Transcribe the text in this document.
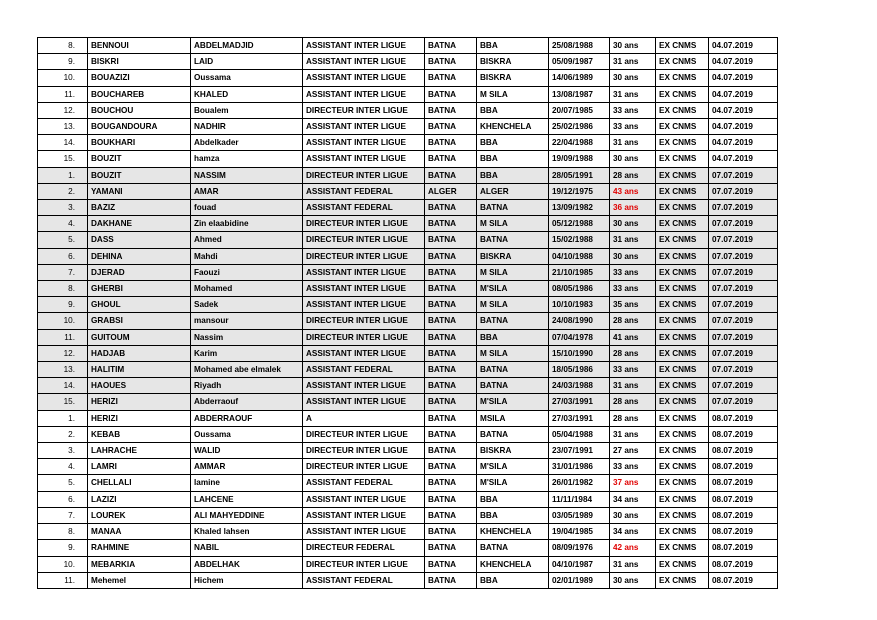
8.	BENNOUI	ABDELMADJID	ASSISTANT INTER LIGUE	BATNA	BBA	25/08/1988	30 ans	EX CNMS	04.07.2019
9.	BISKRI	LAID	ASSISTANT INTER LIGUE	BATNA	BISKRA	05/09/1987	31 ans	EX CNMS	04.07.2019
10.	BOUAZIZI	Oussama	ASSISTANT INTER LIGUE	BATNA	BISKRA	14/06/1989	30 ans	EX CNMS	04.07.2019
11.	BOUCHAREB	KHALED	ASSISTANT INTER LIGUE	BATNA	M SILA	13/08/1987	31 ans	EX CNMS	04.07.2019
12.	BOUCHOU	Boualem	DIRECTEUR INTER LIGUE	BATNA	BBA	20/07/1985	33 ans	EX CNMS	04.07.2019
13.	BOUGANDOURA	NADHIR	ASSISTANT INTER LIGUE	BATNA	KHENCHELA	25/02/1986	33 ans	EX CNMS	04.07.2019
14.	BOUKHARI	Abdelkader	ASSISTANT INTER LIGUE	BATNA	BBA	22/04/1988	31 ans	EX CNMS	04.07.2019
15.	BOUZIT	hamza	ASSISTANT INTER LIGUE	BATNA	BBA	19/09/1988	30 ans	EX CNMS	04.07.2019
1.	BOUZIT	NASSIM	DIRECTEUR INTER LIGUE	BATNA	BBA	28/05/1991	28 ans	EX CNMS	07.07.2019
2.	YAMANI	AMAR	ASSISTANT FEDERAL	ALGER	ALGER	19/12/1975	43 ans	EX CNMS	07.07.2019
3.	BAZIZ	fouad	ASSISTANT FEDERAL	BATNA	BATNA	13/09/1982	36 ans	EX CNMS	07.07.2019
4.	DAKHANE	Zin elaabidine	DIRECTEUR INTER LIGUE	BATNA	M SILA	05/12/1988	30 ans	EX CNMS	07.07.2019
5.	DASS	Ahmed	DIRECTEUR INTER LIGUE	BATNA	BATNA	15/02/1988	31 ans	EX CNMS	07.07.2019
6.	DEHINA	Mahdi	DIRECTEUR INTER LIGUE	BATNA	BISKRA	04/10/1988	30 ans	EX CNMS	07.07.2019
7.	DJERAD	Faouzi	ASSISTANT INTER LIGUE	BATNA	M SILA	21/10/1985	33 ans	EX CNMS	07.07.2019
8.	GHERBI	Mohamed	ASSISTANT INTER LIGUE	BATNA	M'SILA	08/05/1986	33 ans	EX CNMS	07.07.2019
9.	GHOUL	Sadek	ASSISTANT INTER LIGUE	BATNA	M SILA	10/10/1983	35 ans	EX CNMS	07.07.2019
10.	GRABSI	mansour	DIRECTEUR INTER LIGUE	BATNA	BATNA	24/08/1990	28 ans	EX CNMS	07.07.2019
11.	GUITOUM	Nassim	DIRECTEUR INTER LIGUE	BATNA	BBA	07/04/1978	41 ans	EX CNMS	07.07.2019
12.	HADJAB	Karim	ASSISTANT INTER LIGUE	BATNA	M SILA	15/10/1990	28 ans	EX CNMS	07.07.2019
13.	HALITIM	Mohamed abe elmalek	ASSISTANT FEDERAL	BATNA	BATNA	18/05/1986	33 ans	EX CNMS	07.07.2019
14.	HAOUES	Riyadh	ASSISTANT INTER LIGUE	BATNA	BATNA	24/03/1988	31 ans	EX CNMS	07.07.2019
15.	HERIZI	Abderraouf	ASSISTANT INTER LIGUE	BATNA	M'SILA	27/03/1991	28 ans	EX CNMS	07.07.2019
1.	HERIZI	ABDERRAOUF	A	BATNA	MSILA	27/03/1991	28 ans	EX CNMS	08.07.2019
2.	KEBAB	Oussama	DIRECTEUR INTER LIGUE	BATNA	BATNA	05/04/1988	31 ans	EX CNMS	08.07.2019
3.	LAHRACHE	WALID	DIRECTEUR INTER LIGUE	BATNA	BISKRA	23/07/1991	27 ans	EX CNMS	08.07.2019
4.	LAMRI	AMMAR	DIRECTEUR INTER LIGUE	BATNA	M'SILA	31/01/1986	33 ans	EX CNMS	08.07.2019
5.	CHELLALI	lamine	ASSISTANT FEDERAL	BATNA	M'SILA	26/01/1982	37 ans	EX CNMS	08.07.2019
6.	LAZIZI	LAHCENE	ASSISTANT INTER LIGUE	BATNA	BBA	11/11/1984	34 ans	EX CNMS	08.07.2019
7.	LOUREK	ALI MAHYEDDINE	ASSISTANT INTER LIGUE	BATNA	BBA	03/05/1989	30 ans	EX CNMS	08.07.2019
8.	MANAA	Khaled lahsen	ASSISTANT INTER LIGUE	BATNA	KHENCHELA	19/04/1985	34 ans	EX CNMS	08.07.2019
9.	RAHMINE	NABIL	DIRECTEUR FEDERAL	BATNA	BATNA	08/09/1976	42 ans	EX CNMS	08.07.2019
10.	MEBARKIA	ABDELHAK	DIRECTEUR INTER LIGUE	BATNA	KHENCHELA	04/10/1987	31 ans	EX CNMS	08.07.2019
11.	Mehemel	Hichem	ASSISTANT FEDERAL	BATNA	BBA	02/01/1989	30 ans	EX CNMS	08.07.2019
